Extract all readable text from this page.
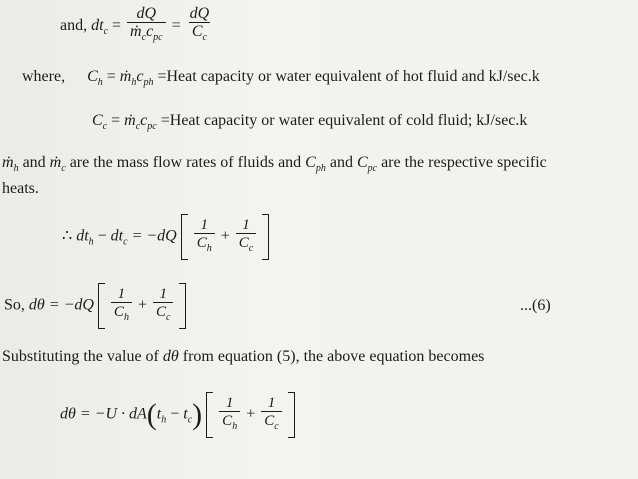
and, $dt_c = \frac{dQ}{ṁ_cc_{pc}} = \frac{dQ}{C_c}$
where, $C_h$ = $ṁ_hc_{ph}$ =Heat capacity or water equivalent of hot fluid and kJ/sec.k
$C_c$ = $ṁ_cc_{pc}$ =Heat capacity or water equivalent of cold fluid; kJ/sec.k
ṁ$_h$ and ṁ$_c$ are the mass flow rates of fluids and $C_{ph}$ and $C_{pc}$ are the respective specific
heats.
∴ $dt_h - dt_c = -dQ \frac{1}{C_h} + \frac{1}{C_c}$

So, $d\theta = -dQ \frac{1}{C_h} + \frac{1}{C_c}$
	...(6)
Substituting the value of dθ from equation (5), the above equation becomes
$d\theta = -U \cdot dA(t_h - t_c) \frac{1}{C_h} + \frac{1}{C_c}$
